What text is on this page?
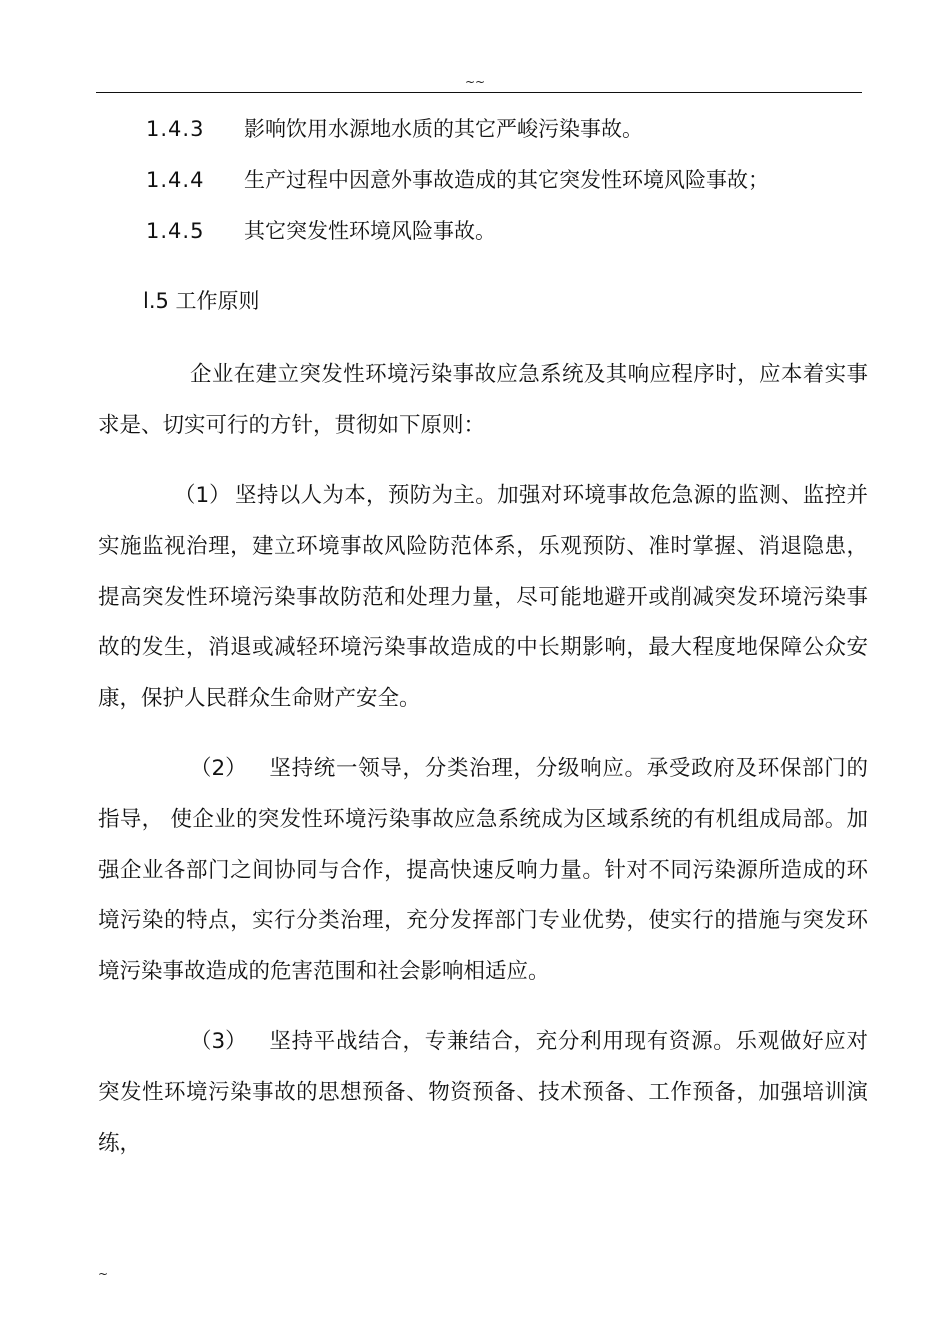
~~
1.4.3 影响饮用水源地水质的其它严峻污染事故。
1.4.4 生产过程中因意外事故造成的其它突发性环境风险事故；
1.4.5 其它突发性环境风险事故。
l.5 工作原则

企业在建立突发性环境污染事故应急系统及其响应程序时，应本着实事求是、切实可行的方针，贯彻如下原则：

（1） 坚持以人为本，预防为主。加强对环境事故危急源的监测、监控并实施监视治理，建立环境事故风险防范体系，乐观预防、准时掌握、消退隐患， 提高突发性环境污染事故防范和处理力量，尽可能地避开或削减突发环境污染事故的发生，消退或减轻环境污染事故造成的中长期影响，最大程度地保障公众安康，保护人民群众生命财产安全。

（2） 坚持统一领导，分类治理，分级响应。承受政府及环保部门的指导， 使企业的突发性环境污染事故应急系统成为区域系统的有机组成局部。加强企业各部门之间协同与合作，提高快速反响力量。针对不同污染源所造成的环境污染的特点，实行分类治理，充分发挥部门专业优势，使实行的措施与突发环境污染事故造成的危害范围和社会影响相适应。

（3） 坚持平战结合，专兼结合，充分利用现有资源。乐观做好应对突发性环境污染事故的思想预备、物资预备、技术预备、工作预备，加强培训演练，

~
